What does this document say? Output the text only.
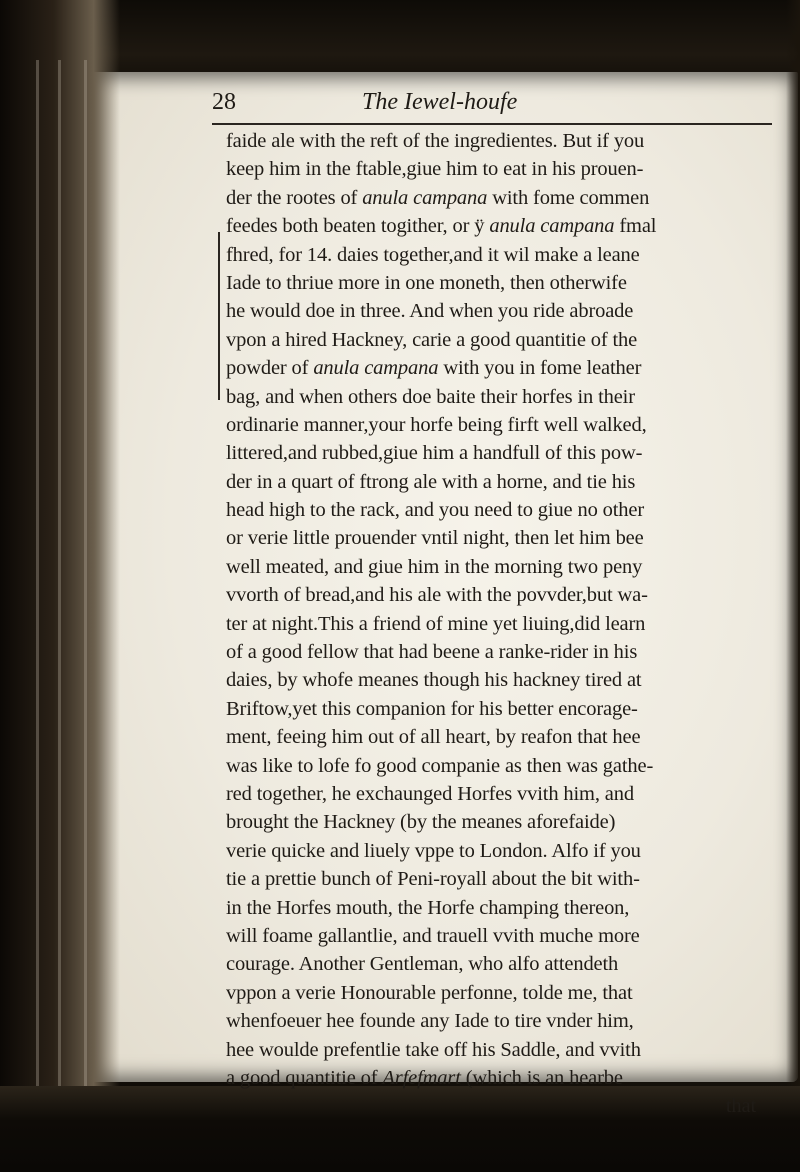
28	The Iewel-houfe
faide ale with the reft of the ingredientes. But if you
keep him in the ftable,giue him to eat in his prouen-
der the rootes of anula campana with fome commen
feedes both beaten togither, or ÿ anula campana fmal
fhred, for 14. daies together,and it wil make a leane
Iade to thriue more in one moneth, then otherwife
he would doe in three. And when you ride abroade
vpon a hired Hackney, carie a good quantitie of the
powder of anula campana with you in fome leather
bag, and when others doe baite their horfes in their
ordinarie manner,your horfe being firft well walked,
littered,and rubbed,giue him a handfull of this pow-
der in a quart of ftrong ale with a horne, and tie his
head high to the rack, and you need to giue no other
or verie little prouender vntil night, then let him bee
well meated, and giue him in the morning two peny
vvorth of bread,and his ale with the povvder,but wa-
ter at night.This a friend of mine yet liuing,did learn
of a good fellow that had beene a ranke-rider in his
daies, by whofe meanes though his hackney tired at
Briftow,yet this companion for his better encorage-
ment, feeing him out of all heart, by reafon that hee
was like to lofe fo good companie as then was gathe-
red together, he exchaunged Horfes vvith him, and
brought the Hackney (by the meanes aforefaide)
verie quicke and liuely vppe to London. Alfo if you
tie a prettie bunch of Peni-royall about the bit with-
in the Horfes mouth, the Horfe champing thereon,
will foame gallantlie, and trauell vvith muche more
courage. Another Gentleman, who alfo attendeth
vppon a verie Honourable perfonne, tolde me, that
whenfoeuer hee founde any Iade to tire vnder him,
hee woulde prefentlie take off his Saddle, and vvith
a good quantitie of Arfefmart (which is an hearbe
that
